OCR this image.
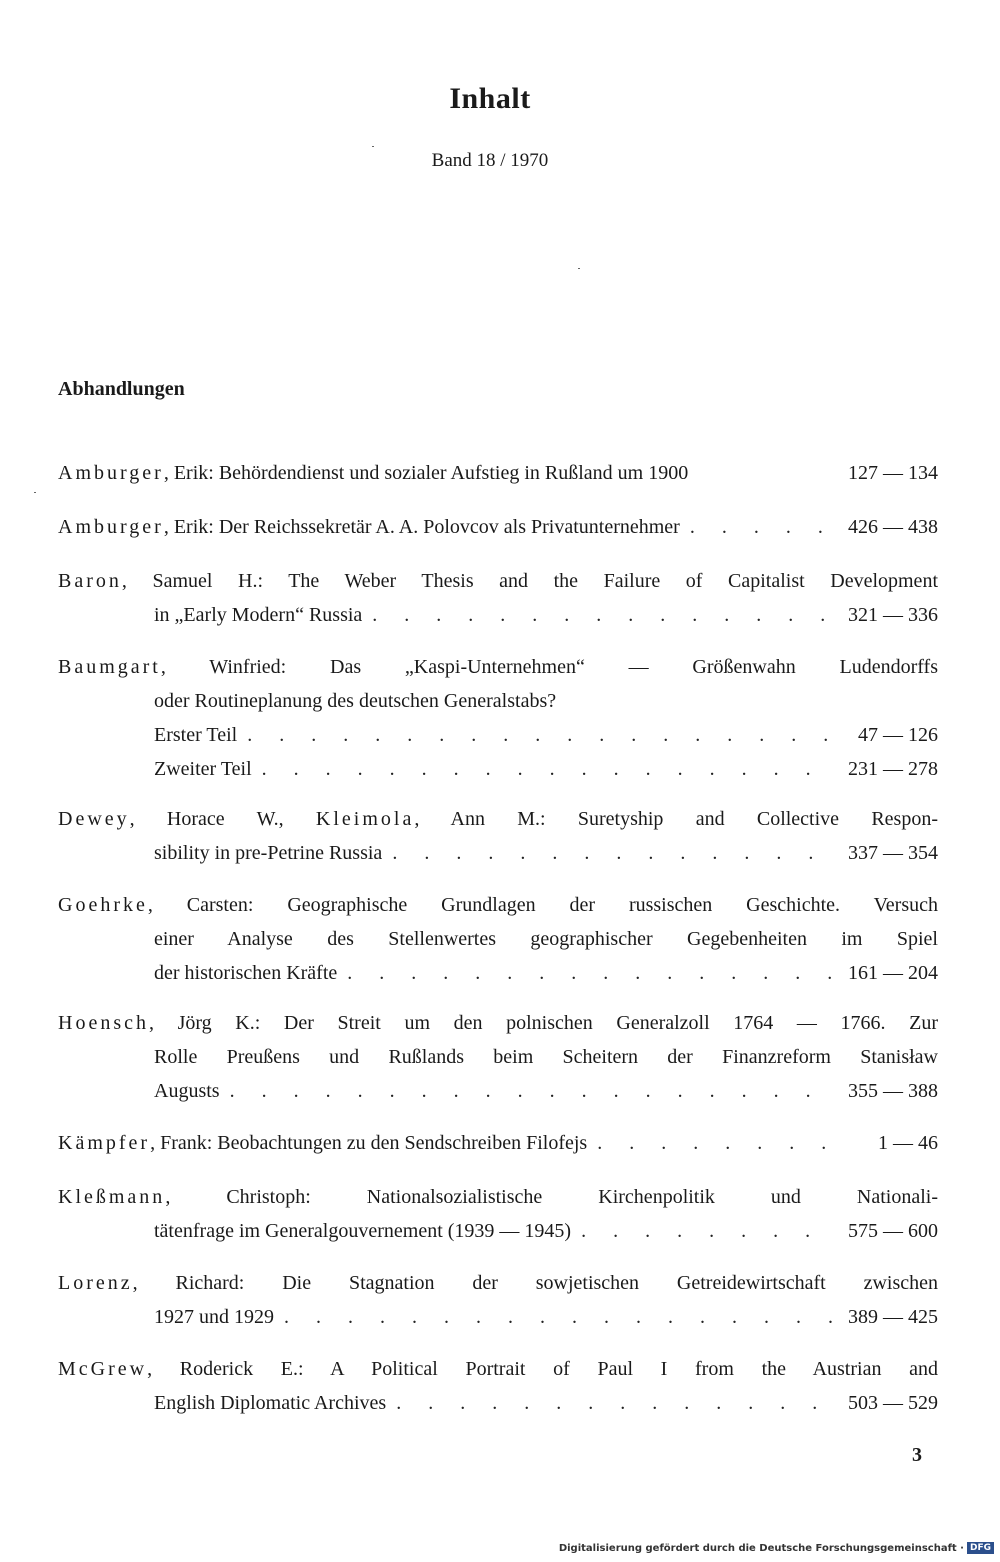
Inhalt
Band 18 / 1970
Abhandlungen
Amburger , Erik: Behördendienst und sozialer Aufstieg in Rußland um 1900	127 — 134
Amburger , Erik: Der Reichssekretär A. A. Polovcov als Privatunternehmer . . .	426 — 438
Baron , Samuel H.: The Weber Thesis and the Failure of Capitalist Development
in „Early Modern“ Russia . . .	321 — 336
Baumgart , Winfried: Das „Kaspi-Unternehmen“ — Größenwahn Ludendorffs
oder Routineplanung des deutschen Generalstabs?
Erster Teil . . .	47 — 126
Zweiter Teil . . .	231 — 278
Dewey, Horace W., Kleimola, Ann M.: Suretyship and Collective Respon-
sibility in pre-Petrine Russia . . .	337 — 354
Goehrke , Carsten: Geographische Grundlagen der russischen Geschichte. Versuch
einer Analyse des Stellenwertes geographischer Gegebenheiten im Spiel
der historischen Kräfte . . .	161 — 204
Hoensch , Jörg K.: Der Streit um den polnischen Generalzoll 1764 — 1766. Zur
Rolle Preußens und Rußlands beim Scheitern der Finanzreform Stanisław
Augusts . . .	355 — 388
Kämpfer , Frank: Beobachtungen zu den Sendschreiben Filofejs . . .	1 — 46
Kleßmann , Christoph: Nationalsozialistische Kirchenpolitik und Nationali-
tätenfrage im Generalgouvernement (1939 — 1945) . . .	575 — 600
Lorenz , Richard: Die Stagnation der sowjetischen Getreidewirtschaft zwischen
1927 und 1929 . . .	389 — 425
McGrew , Roderick E.: A Political Portrait of Paul I from the Austrian and
English Diplomatic Archives . . .	503 — 529
3
Digitalisierung gefördert durch die Deutsche Forschungsgemeinschaft · DFG
